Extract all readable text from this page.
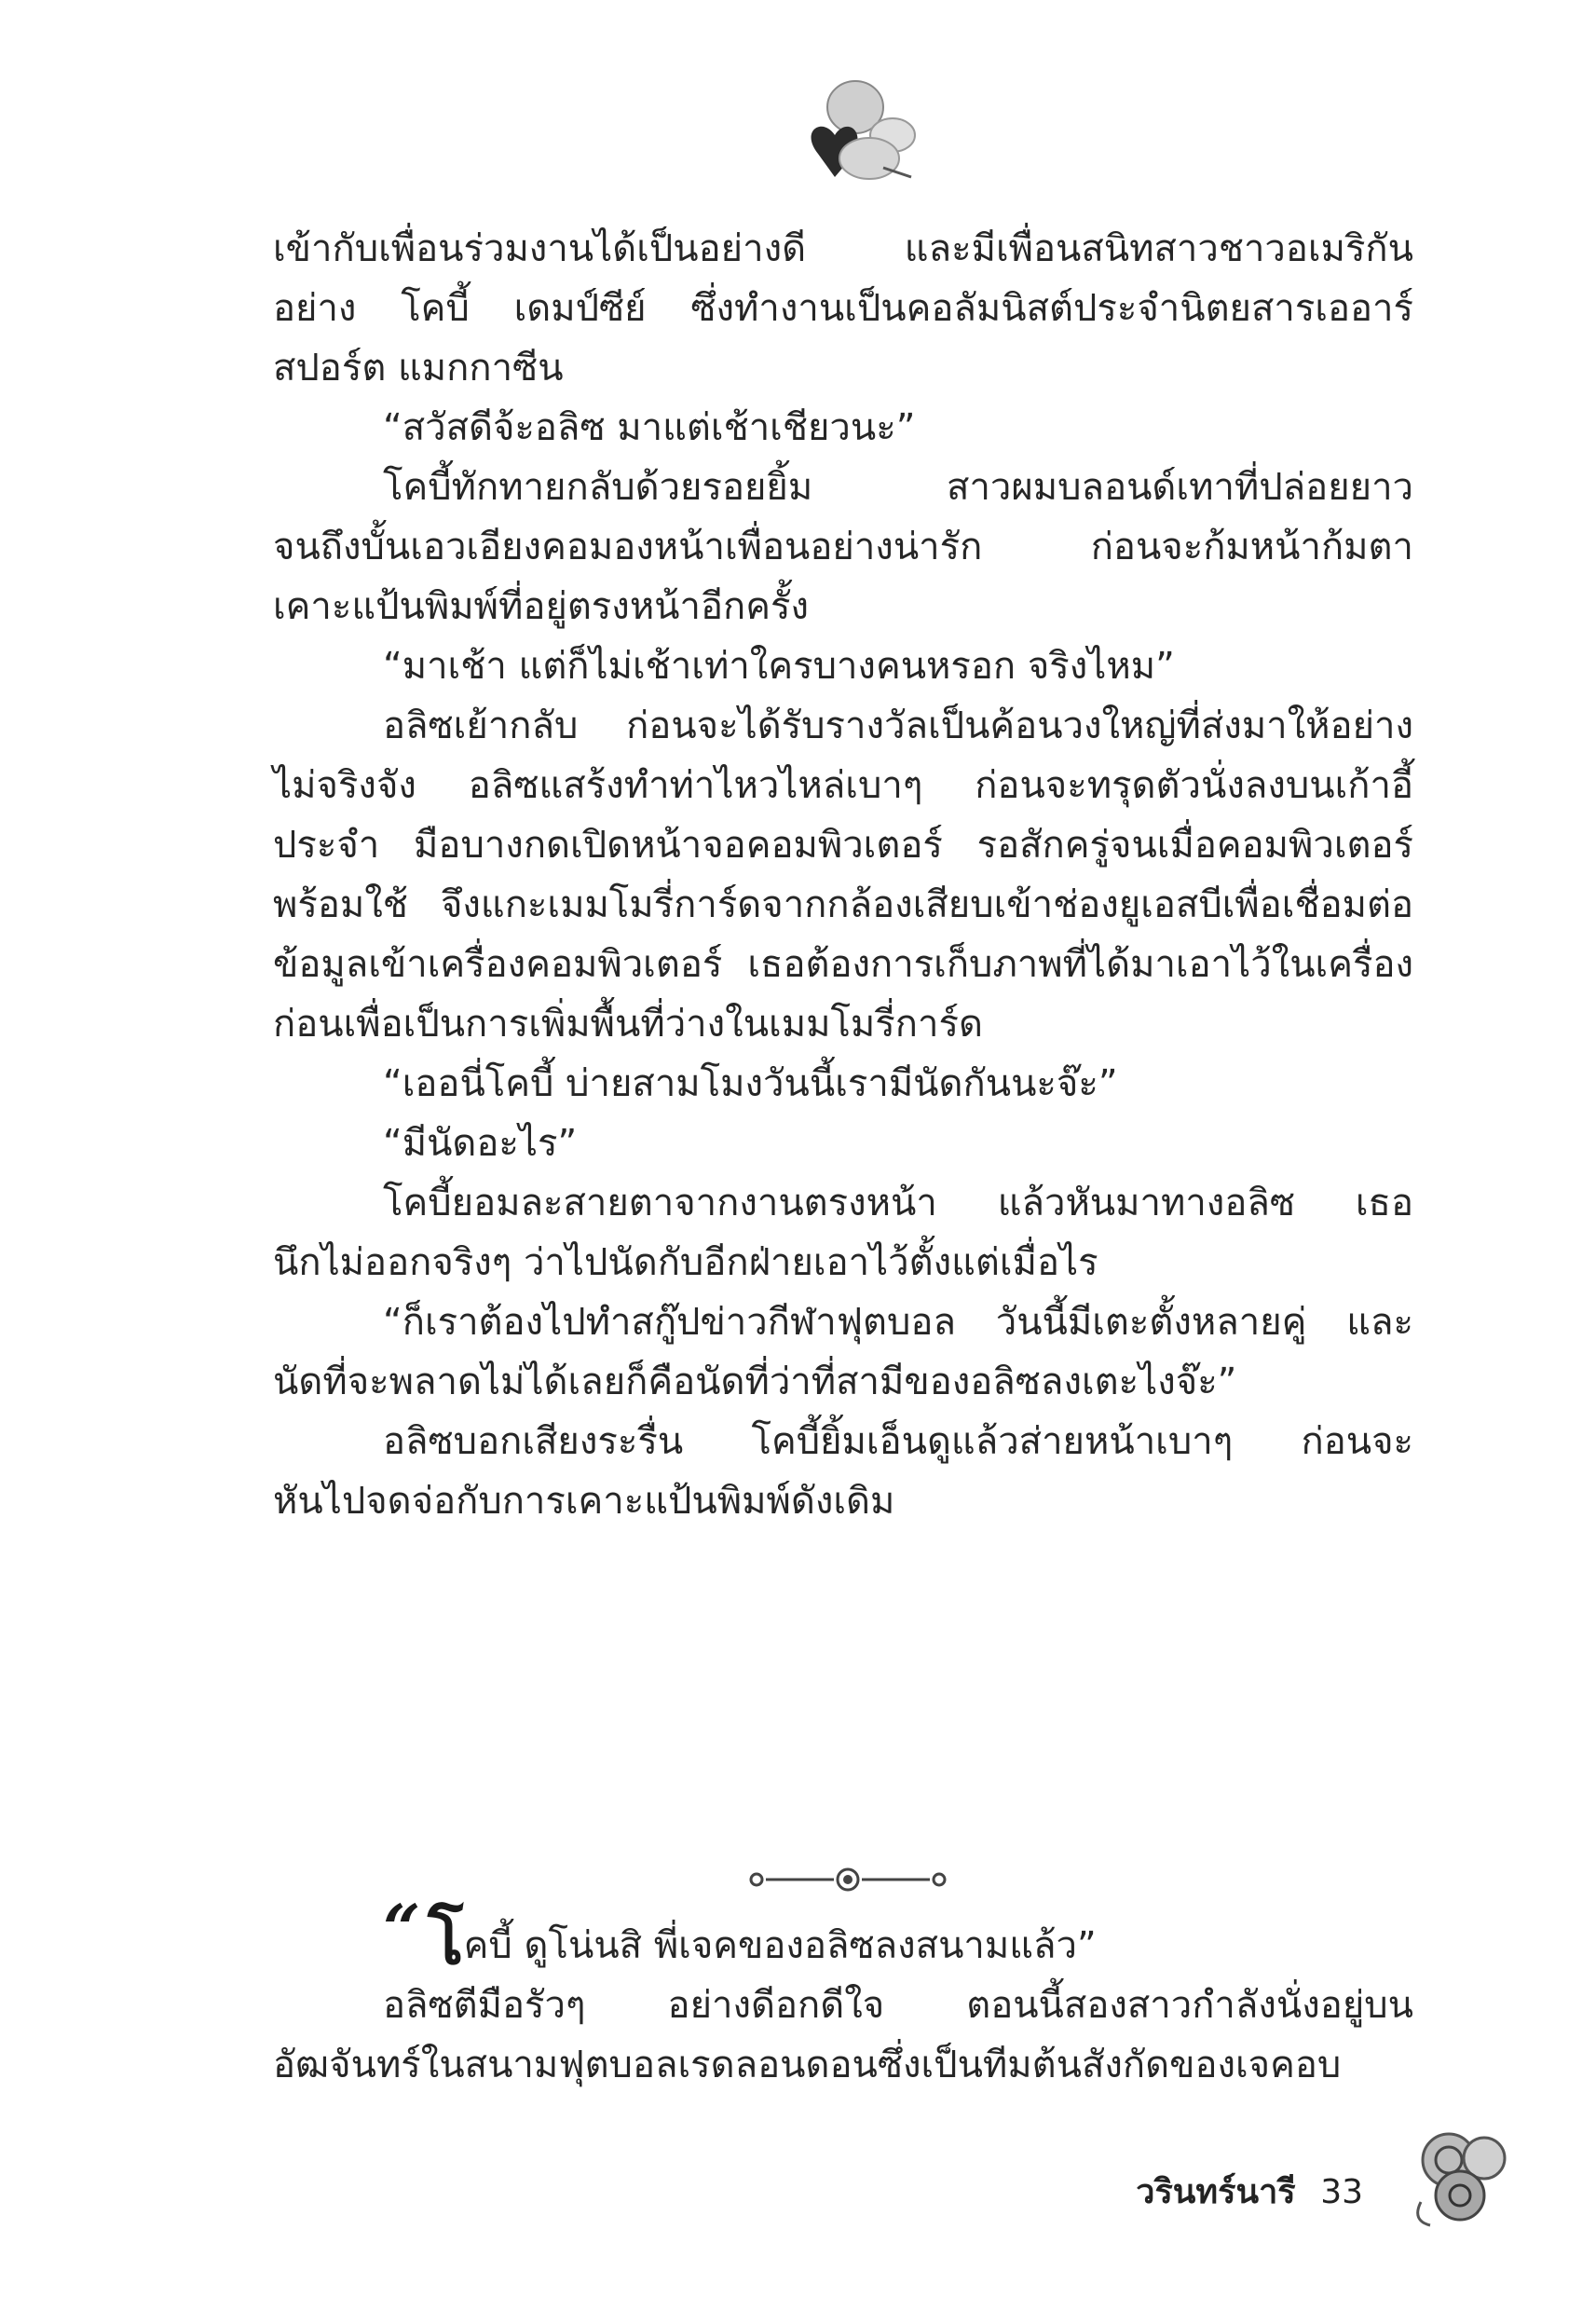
เข้ากับเพื่อนร่วมงานได้เป็นอย่างดี และมีเพื่อนสนิทสาวชาวอเมริกัน

อย่าง โคบี้ เดมป์ซีย์ ซึ่งทำงานเป็นคอลัมนิสต์ประจำนิตยสารเออาร์

สปอร์ต แมกกาซีน

“สวัสดีจ้ะอลิซ มาแต่เช้าเชียวนะ”

โคบี้ทักทายกลับด้วยรอยยิ้ม สาวผมบลอนด์เทาที่ปล่อยยาว

จนถึงบั้นเอวเอียงคอมองหน้าเพื่อนอย่างน่ารัก ก่อนจะก้มหน้าก้มตา

เคาะแป้นพิมพ์ที่อยู่ตรงหน้าอีกครั้ง

“มาเช้า แต่ก็ไม่เช้าเท่าใครบางคนหรอก จริงไหม”

อลิซเย้ากลับ ก่อนจะได้รับรางวัลเป็นค้อนวงใหญ่ที่ส่งมาให้อย่าง

ไม่จริงจัง อลิซแสร้งทำท่าไหวไหล่เบาๆ ก่อนจะทรุดตัวนั่งลงบนเก้าอี้

ประจำ มือบางกดเปิดหน้าจอคอมพิวเตอร์ รอสักครู่จนเมื่อคอมพิวเตอร์

พร้อมใช้ จึงแกะเมมโมรี่การ์ดจากกล้องเสียบเข้าช่องยูเอสบีเพื่อเชื่อมต่อ

ข้อมูลเข้าเครื่องคอมพิวเตอร์ เธอต้องการเก็บภาพที่ได้มาเอาไว้ในเครื่อง

ก่อนเพื่อเป็นการเพิ่มพื้นที่ว่างในเมมโมรี่การ์ด

“เออนี่โคบี้ บ่ายสามโมงวันนี้เรามีนัดกันนะจ๊ะ”

“มีนัดอะไร”

โคบี้ยอมละสายตาจากงานตรงหน้า แล้วหันมาทางอลิซ เธอ

นึกไม่ออกจริงๆ ว่าไปนัดกับอีกฝ่ายเอาไว้ตั้งแต่เมื่อไร

“ก็เราต้องไปทำสกู๊ปข่าวกีฬาฟุตบอล วันนี้มีเตะตั้งหลายคู่ และ

นัดที่จะพลาดไม่ได้เลยก็คือนัดที่ว่าที่สามีของอลิซลงเตะไงจ๊ะ”

อลิซบอกเสียงระรื่น โคบี้ยิ้มเอ็นดูแล้วส่ายหน้าเบาๆ ก่อนจะ

หันไปจดจ่อกับการเคาะแป้นพิมพ์ดังเดิม

“ โคบี้ ดูโน่นสิ พี่เจคของอลิซลงสนามแล้ว”

อลิซตีมือรัวๆ อย่างดีอกดีใจ ตอนนี้สองสาวกำลังนั่งอยู่บน

อัฒจันทร์ในสนามฟุตบอลเรดลอนดอนซึ่งเป็นทีมต้นสังกัดของเจคอบ

วรินทร์นารี 33
